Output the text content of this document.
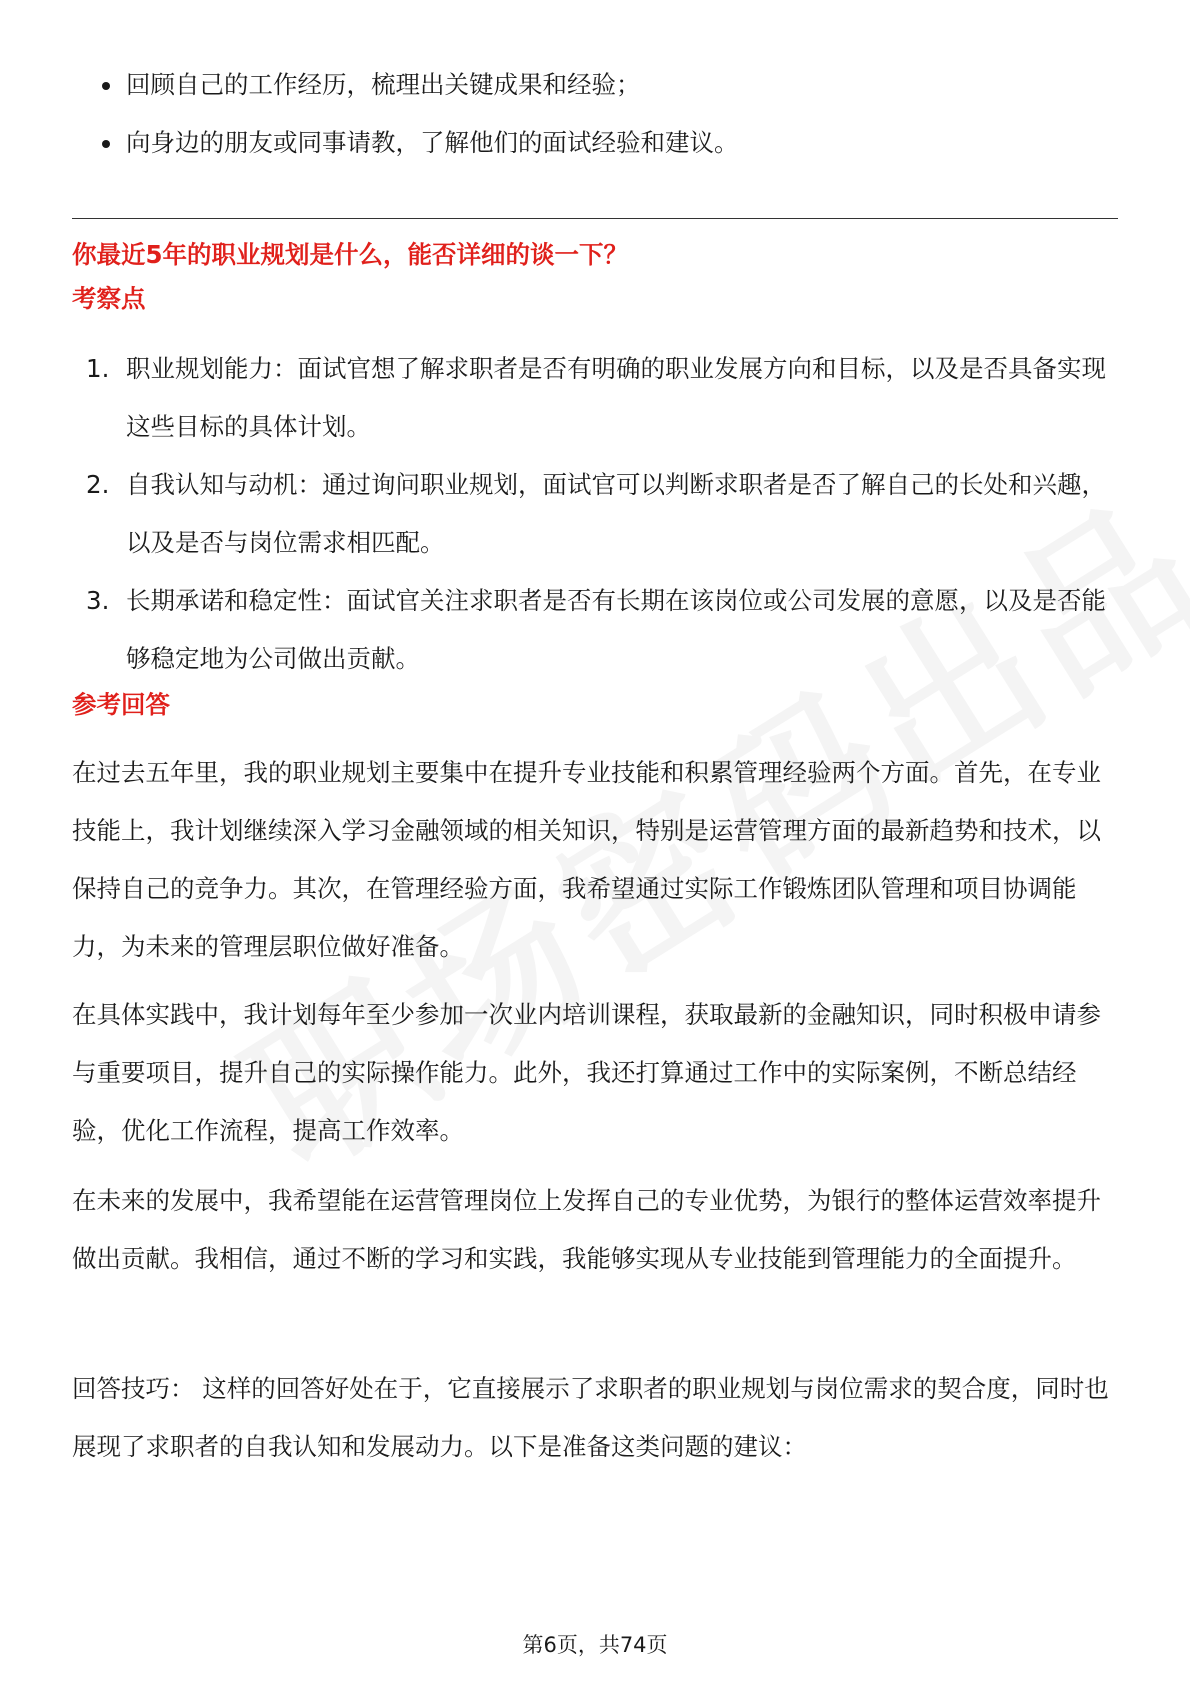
回顾自己的工作经历，梳理出关键成果和经验；
向身边的朋友或同事请教，了解他们的面试经验和建议。
你最近5年的职业规划是什么，能否详细的谈一下？
考察点
1. 职业规划能力：面试官想了解求职者是否有明确的职业发展方向和目标，以及是否具备实现这些目标的具体计划。
2. 自我认知与动机：通过询问职业规划，面试官可以判断求职者是否了解自己的长处和兴趣，以及是否与岗位需求相匹配。
3. 长期承诺和稳定性：面试官关注求职者是否有长期在该岗位或公司发展的意愿，以及是否能够稳定地为公司做出贡献。
参考回答
在过去五年里，我的职业规划主要集中在提升专业技能和积累管理经验两个方面。首先，在专业技能上，我计划继续深入学习金融领域的相关知识，特别是运营管理方面的最新趋势和技术，以保持自己的竞争力。其次，在管理经验方面，我希望通过实际工作锻炼团队管理和项目协调能力，为未来的管理层职位做好准备。
在具体实践中，我计划每年至少参加一次业内培训课程，获取最新的金融知识，同时积极申请参与重要项目，提升自己的实际操作能力。此外，我还打算通过工作中的实际案例，不断总结经验，优化工作流程，提高工作效率。
在未来的发展中，我希望能在运营管理岗位上发挥自己的专业优势，为银行的整体运营效率提升做出贡献。我相信，通过不断的学习和实践，我能够实现从专业技能到管理能力的全面提升。
回答技巧： 这样的回答好处在于，它直接展示了求职者的职业规划与岗位需求的契合度，同时也展现了求职者的自我认知和发展动力。以下是准备这类问题的建议：
第6页，共74页
